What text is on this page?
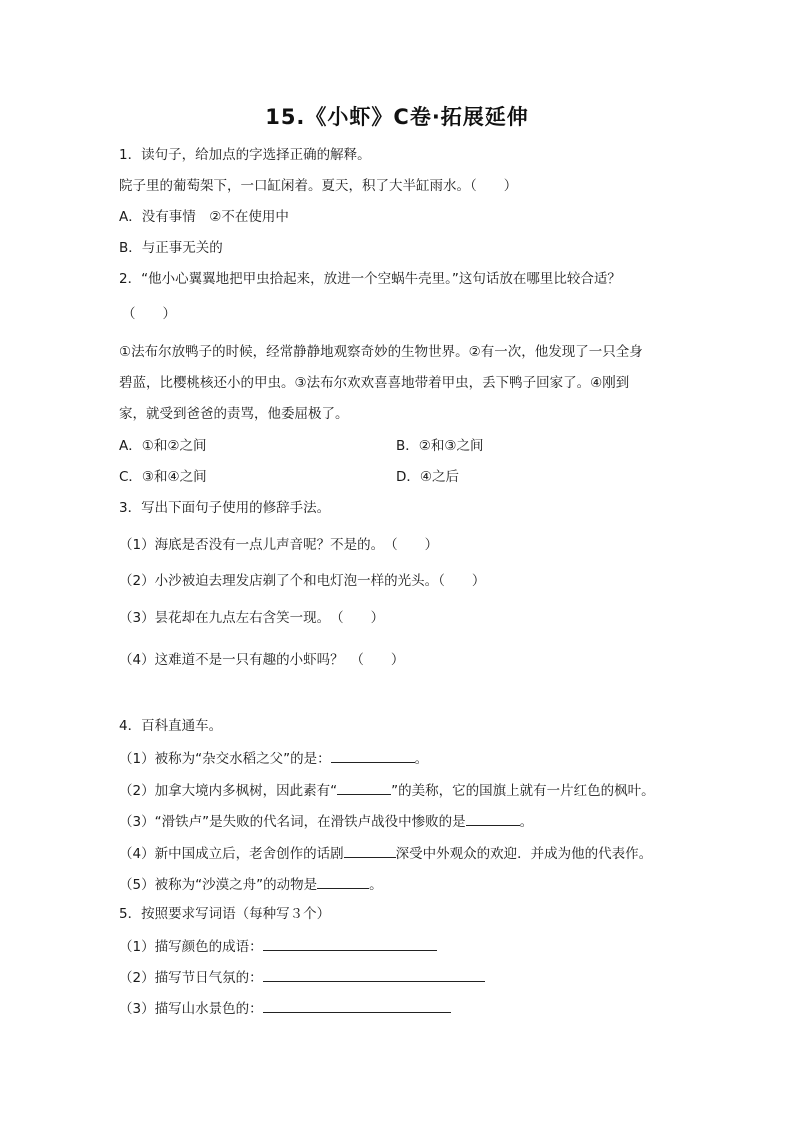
15.《小虾》C卷·拓展延伸
1．读句子，给加点的字选择正确的解释。
院子里的葡萄架下，一口缸闲着。夏天，积了大半缸雨水。（　　）
A．没有事情　②不在使用中
B．与正事无关的
2．“他小心翼翼地把甲虫拾起来，放进一个空蜗牛壳里。”这句话放在哪里比较合适？
（　　）
①法布尔放鸭子的时候，经常静静地观察奇妙的生物世界。②有一次，他发现了一只全身
碧蓝，比樱桃核还小的甲虫。③法布尔欢欢喜喜地带着甲虫，丢下鸭子回家了。④刚到
家，就受到爸爸的责骂，他委屈极了。
A．①和②之间	B．②和③之间
C．③和④之间	D．④之后
3．写出下面句子使用的修辞手法。
（1）海底是否没有一点儿声音呢？不是的。　（　　）
（2）小沙被迫去理发店剃了个和电灯泡一样的光头。（　　）
（3）昙花却在九点左右含笑一现。　（　　）
（4）这难道不是一只有趣的小虾吗？　（　　）
4．百科直通车。
（1）被称为“杂交水稻之父”的是：	。
（2）加拿大境内多枫树，因此素有“	”的美称，它的国旗上就有一片红色的枫叶。
（3）“滑铁卢”是失败的代名词，在滑铁卢战役中惨败的是	。
（4）新中国成立后，老舍创作的话剧	深受中外观众的欢迎．并成为他的代表作。
（5）被称为“沙漠之舟”的动物是	。
5．按照要求写词语（每种写３个）
（1）描写颜色的成语：
（2）描写节日气氛的：
（3）描写山水景色的：
